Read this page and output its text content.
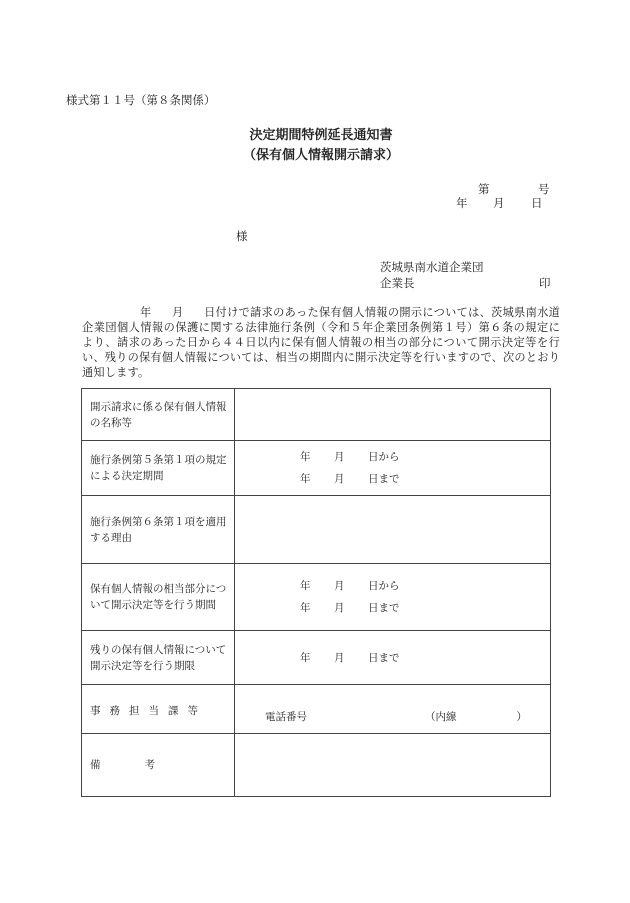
様式第１１号（第８条関係）
決定期間特例延長通知書
（保有個人情報開示請求）
第	号
年 月 日
様
茨城県南水道企業団
企業長	印
年 月 日付けで請求のあった保有個人情報の開示については、茨城県南水道企業団個人情報の保護に関する法律施行条例（令和５年企業団条例第１号）第６条の規定により、請求のあった日から４４日以内に保有個人情報の相当の部分について開示決定等を行い、残りの保有個人情報については、相当の期間内に開示決定等を行いますので、次のとおり通知します。
開示請求に係る保有個人情報の名称等	
施行条例第５条第１項の規定による決定期間	年 月 日から
年 月 日まで

施行条例第６条第１項を適用する理由	
保有個人情報の相当部分について開示決定等を行う期間	年 月 日から
年 月 日まで

残りの保有個人情報について開示決定等を行う期限	年 月 日まで

事務担当課等	電話番号 （内線 ）

備考	
